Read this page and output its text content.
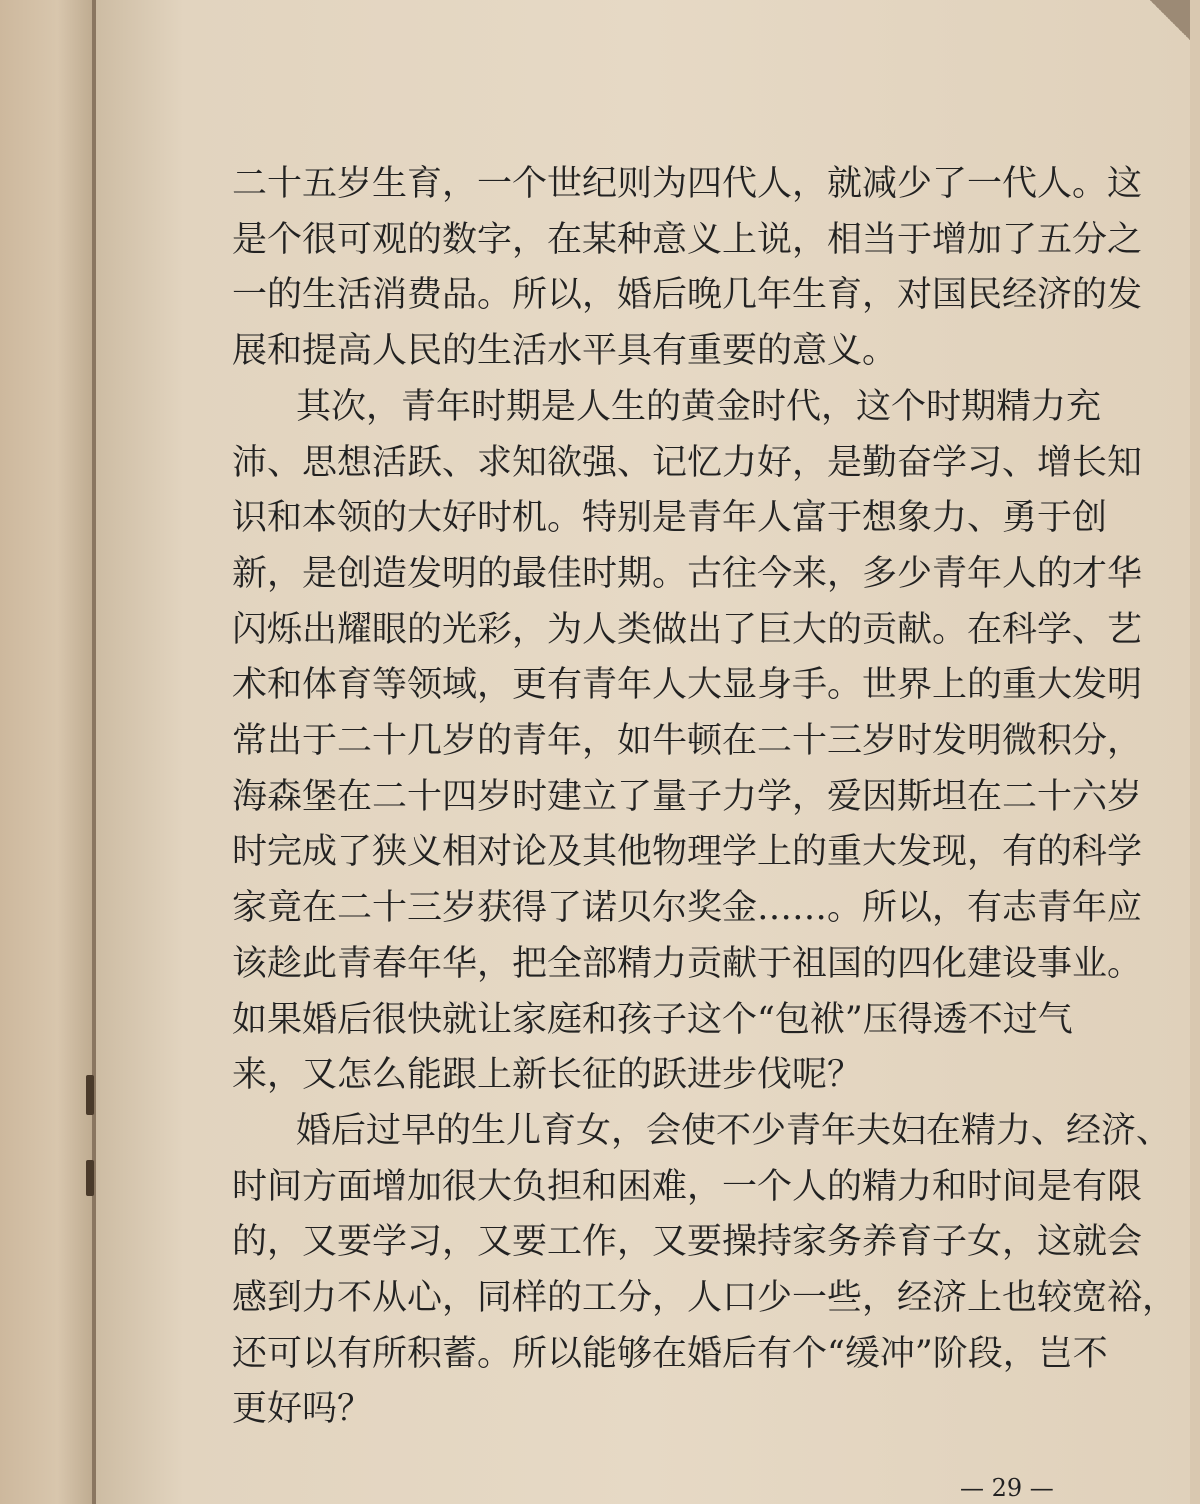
二十五岁生育，一个世纪则为四代人，就减少了一代人。这
是个很可观的数字，在某种意义上说，相当于增加了五分之
一的生活消费品。所以，婚后晚几年生育，对国民经济的发
展和提高人民的生活水平具有重要的意义。
其次，青年时期是人生的黄金时代，这个时期精力充
沛、思想活跃、求知欲强、记忆力好，是勤奋学习、增长知
识和本领的大好时机。特别是青年人富于想象力、勇于创
新，是创造发明的最佳时期。古往今来，多少青年人的才华
闪烁出耀眼的光彩，为人类做出了巨大的贡献。在科学、艺
术和体育等领域，更有青年人大显身手。世界上的重大发明
常出于二十几岁的青年，如牛顿在二十三岁时发明微积分，
海森堡在二十四岁时建立了量子力学，爱因斯坦在二十六岁
时完成了狭义相对论及其他物理学上的重大发现，有的科学
家竟在二十三岁获得了诺贝尔奖金……。所以，有志青年应
该趁此青春年华，把全部精力贡献于祖国的四化建设事业。
如果婚后很快就让家庭和孩子这个“包袱”压得透不过气
来，又怎么能跟上新长征的跃进步伐呢？
婚后过早的生儿育女，会使不少青年夫妇在精力、经济、
时间方面增加很大负担和困难，一个人的精力和时间是有限
的，又要学习，又要工作，又要操持家务养育子女，这就会
感到力不从心，同样的工分，人口少一些，经济上也较宽裕，
还可以有所积蓄。所以能够在婚后有个“缓冲”阶段，岂不
更好吗？
— 29 —
